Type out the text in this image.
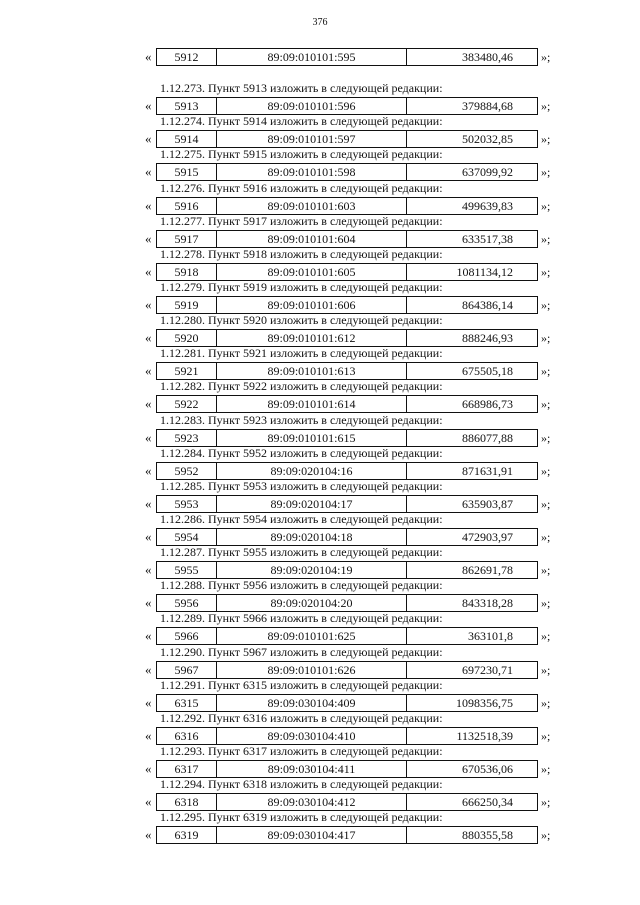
376
«	5912	89:09:010101:595	383480,46	»;
1.12.273. Пункт 5913 изложить в следующей редакции:
«	5913	89:09:010101:596	379884,68	»;
1.12.274. Пункт 5914 изложить в следующей редакции:
«	5914	89:09:010101:597	502032,85	»;
1.12.275. Пункт 5915 изложить в следующей редакции:
«	5915	89:09:010101:598	637099,92	»;
1.12.276. Пункт 5916 изложить в следующей редакции:
«	5916	89:09:010101:603	499639,83	»;
1.12.277. Пункт 5917 изложить в следующей редакции:
«	5917	89:09:010101:604	633517,38	»;
1.12.278. Пункт 5918 изложить в следующей редакции:
«	5918	89:09:010101:605	1081134,12	»;
1.12.279. Пункт 5919 изложить в следующей редакции:
«	5919	89:09:010101:606	864386,14	»;
1.12.280. Пункт 5920 изложить в следующей редакции:
«	5920	89:09:010101:612	888246,93	»;
1.12.281. Пункт 5921 изложить в следующей редакции:
«	5921	89:09:010101:613	675505,18	»;
1.12.282. Пункт 5922 изложить в следующей редакции:
«	5922	89:09:010101:614	668986,73	»;
1.12.283. Пункт 5923 изложить в следующей редакции:
«	5923	89:09:010101:615	886077,88	»;
1.12.284. Пункт 5952 изложить в следующей редакции:
«	5952	89:09:020104:16	871631,91	»;
1.12.285. Пункт 5953 изложить в следующей редакции:
«	5953	89:09:020104:17	635903,87	»;
1.12.286. Пункт 5954 изложить в следующей редакции:
«	5954	89:09:020104:18	472903,97	»;
1.12.287. Пункт 5955 изложить в следующей редакции:
«	5955	89:09:020104:19	862691,78	»;
1.12.288. Пункт 5956 изложить в следующей редакции:
«	5956	89:09:020104:20	843318,28	»;
1.12.289. Пункт 5966 изложить в следующей редакции:
«	5966	89:09:010101:625	363101,8	»;
1.12.290. Пункт 5967 изложить в следующей редакции:
«	5967	89:09:010101:626	697230,71	»;
1.12.291. Пункт 6315 изложить в следующей редакции:
«	6315	89:09:030104:409	1098356,75	»;
1.12.292. Пункт 6316 изложить в следующей редакции:
«	6316	89:09:030104:410	1132518,39	»;
1.12.293. Пункт 6317 изложить в следующей редакции:
«	6317	89:09:030104:411	670536,06	»;
1.12.294. Пункт 6318 изложить в следующей редакции:
«	6318	89:09:030104:412	666250,34	»;
1.12.295. Пункт 6319 изложить в следующей редакции:
«	6319	89:09:030104:417	880355,58	»;
